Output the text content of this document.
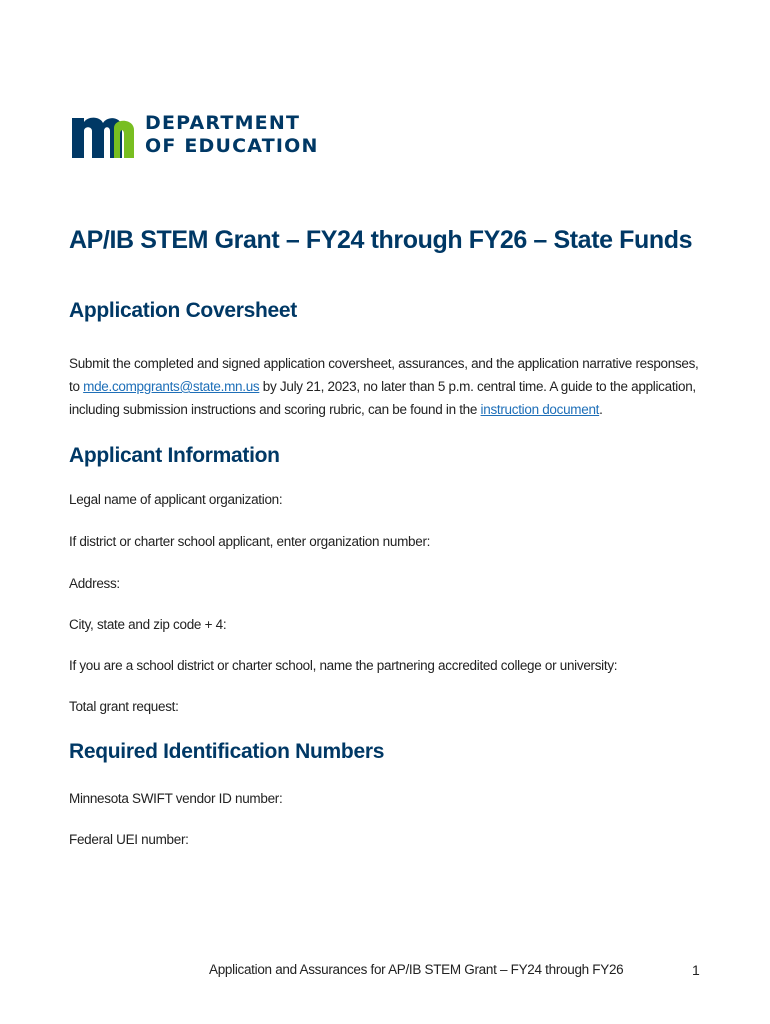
DEPARTMENT
OF EDUCATION
AP/IB STEM Grant – FY24 through FY26 – State Funds
Application Coversheet

Submit the completed and signed application coversheet, assurances, and the application narrative responses, to mde.compgrants@state.mn.us by July 21, 2023, no later than 5 p.m. central time. A guide to the application, including submission instructions and scoring rubric, can be found in the instruction document.

Applicant Information

Legal name of applicant organization:

If district or charter school applicant, enter organization number:

Address:

City, state and zip code + 4:

If you are a school district or charter school, name the partnering accredited college or university:

Total grant request:

Required Identification Numbers

Minnesota SWIFT vendor ID number:

Federal UEI number:

Application and Assurances for AP/IB STEM Grant – FY24 through FY26	1
